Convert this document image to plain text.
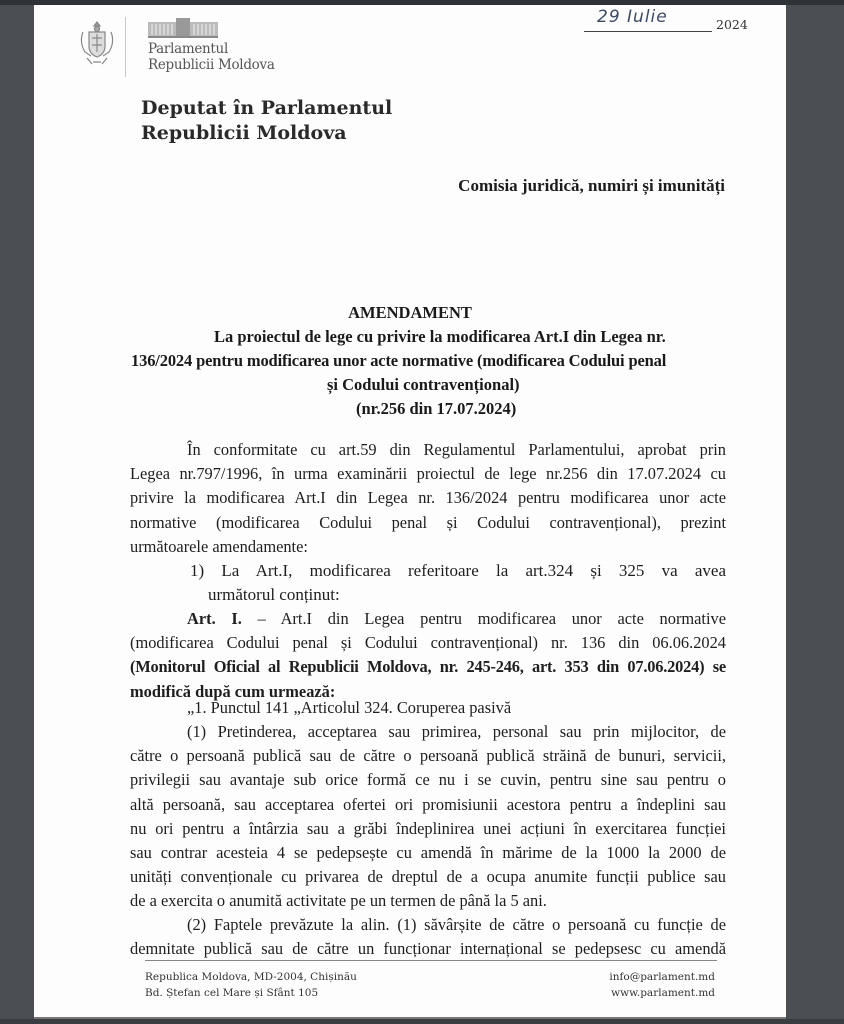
Parlamentul
Republicii Moldova
29 Iulie	2024
Deputat în Parlamentul
Republicii Moldova
Comisia juridică, numiri și imunități
AMENDAMENT
La proiectul de lege cu privire la modificarea Art.I din Legea nr.
136/2024 pentru modificarea unor acte normative (modificarea Codului penal
și Codului contravențional)
(nr.256 din 17.07.2024)
În conformitate cu art.59 din Regulamentul Parlamentului, aprobat prin
Legea nr.797/1996, în urma examinării proiectul de lege nr.256 din 17.07.2024 cu
privire la modificarea Art.I din Legea nr. 136/2024 pentru modificarea unor acte
normative (modificarea Codului penal și Codului contravențional), prezint
următoarele amendamente:
1) La Art.I, modificarea referitoare la art.324 și 325 va avea
următorul conținut:
Art. I. – Art.I din Legea pentru modificarea unor acte normative
(modificarea Codului penal și Codului contravențional) nr. 136 din 06.06.2024
(Monitorul Oficial al Republicii Moldova, nr. 245-246, art. 353 din 07.06.2024) se
modifică după cum urmează:
„1. Punctul 141 „Articolul 324. Coruperea pasivă
(1) Pretinderea, acceptarea sau primirea, personal sau prin mijlocitor, de
către o persoană publică sau de către o persoană publică străină de bunuri, servicii,
privilegii sau avantaje sub orice formă ce nu i se cuvin, pentru sine sau pentru o
altă persoană, sau acceptarea ofertei ori promisiunii acestora pentru a îndeplini sau
nu ori pentru a întârzia sau a grăbi îndeplinirea unei acțiuni în exercitarea funcției
sau contrar acesteia 4 se pedepsește cu amendă în mărime de la 1000 la 2000 de
unități convenționale cu privarea de dreptul de a ocupa anumite funcții publice sau
de a exercita o anumită activitate pe un termen de până la 5 ani.
(2) Faptele prevăzute la alin. (1) săvârșite de către o persoană cu funcție de
demnitate publică sau de către un funcționar internațional se pedepsesc cu amendă
Republica Moldova, MD-2004, Chișinău
Bd. Ștefan cel Mare și Sfânt 105
info@parlament.md
www.parlament.md
